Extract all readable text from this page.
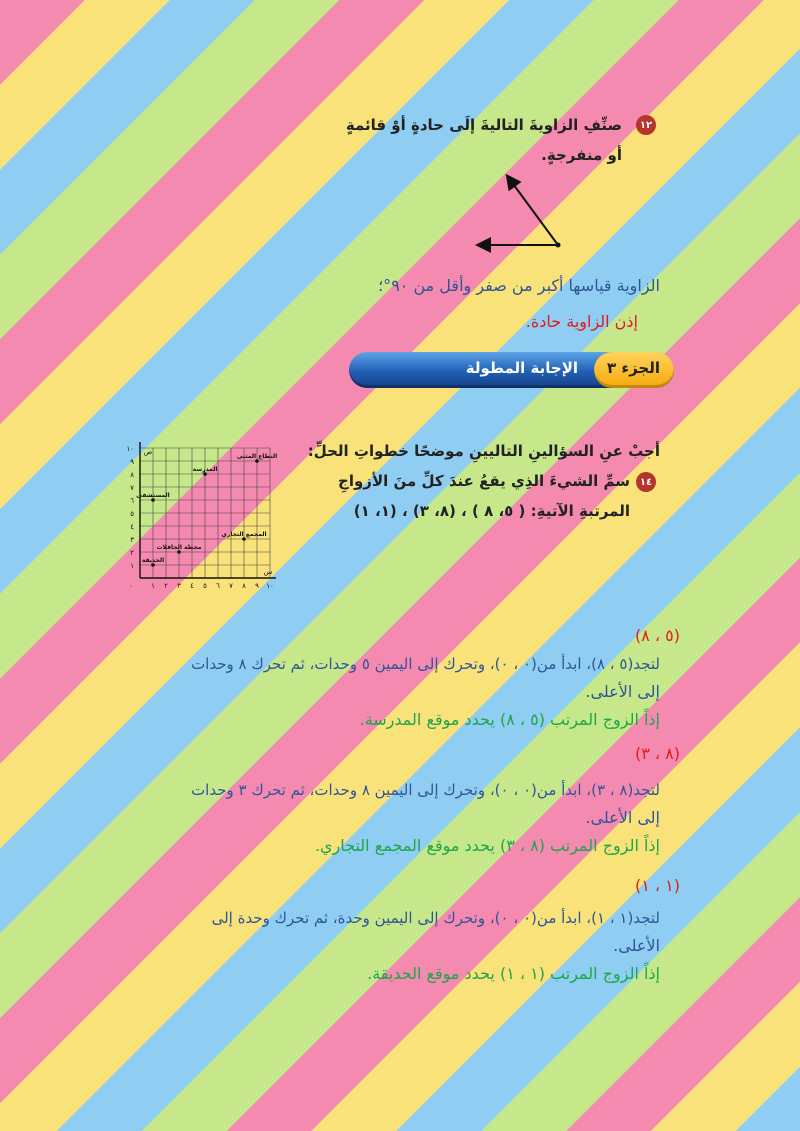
١٢
صنِّفِ الزاويةَ التاليةَ إلَى حادةٍ أوْ قائمةٍ
أو منفرجةٍ.
الزاوية قياسها أكبر من صفر وأقل من ٩٠°؛
إذن الزاوية حادة.
الجزء ٣
الإجابة المطولة
أجبْ عنِ السؤالينِ التاليينِ موضحًا خطواتِ الحلِّ:
١٤
سمِّ الشيءَ الذِي يقعُ عندَ كلِّ منَ الأزواجِ
المرتبةِ الآتيةِ: ( ٥، ٨ ) ، (٨، ٣) ، (١، ١)
١ ٢ ٣ ٤ ٥ ٦ ٧ ٨ ٩ ١٠
١
٢
٣
٤
٥
٦
٧
٨
٩
١٠
٠
س
ص
المدرسة
المجمع التجاري
الحديقة
المستشفى
النطاع المثنى
محطة الحافلات
(٥ ، ٨)
لتجد(٥ ، ٨)، ابدأ من(٠ ، ٠)، وتحرك إلى اليمين ٥ وحدات، ثم تحرك ٨ وحدات
إلى الأعلى.
إذاً الزوج المرتب (٥ ، ٨) يحدد موقع المدرسة.
(٨ ، ٣)
لتجد(٨ ، ٣)، ابدأ من(٠ ، ٠)، وتحرك إلى اليمين ٨ وحدات، ثم تحرك ٣ وحدات
إلى الأعلى.
إذاً الزوج المرتب (٨ ، ٣) يحدد موقع المجمع التجاري.
(١ ، ١)
لتجد(١ ، ١)، ابدأ من(٠ ، ٠)، وتحرك إلى اليمين وحدة، ثم تحرك وحدة إلى
الأعلى.
إذاً الزوج المرتب (١ ، ١) يحدد موقع الحديقة.
